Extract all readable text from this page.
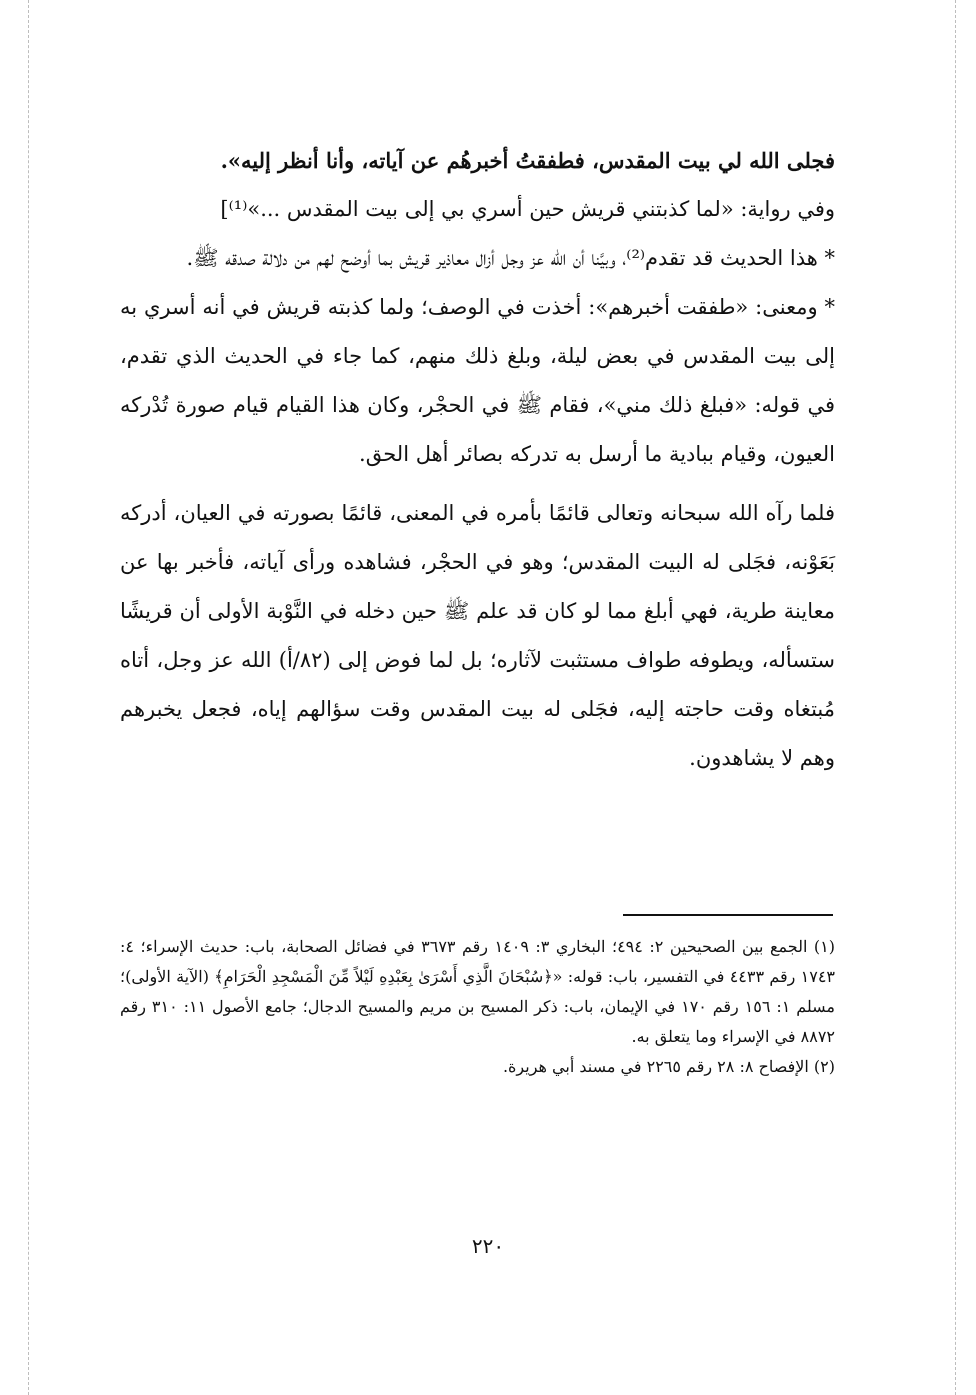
فجلى الله لي بيت المقدس، فطفقتُ أخبرهُم عن آياته، وأنا أنظر إليه».

وفي رواية: «لما كذبتني قريش حين أسري بي إلى بيت المقدس ...»⁽¹⁾]

* هذا الحديث قد تقدم⁽²⁾، وبيَّنا أن الله عز وجل أزال معاذير قريش بما أوضح لهم من دلالة صدقه ﷺ.

* ومعنى: «طفقت أخبرهم»: أخذت في الوصف؛ ولما كذبته قريش في أنه أسري به إلى بيت المقدس في بعض ليلة، وبلغ ذلك منهم، كما جاء في الحديث الذي تقدم، في قوله: «فبلغ ذلك مني»، فقام ﷺ في الحجْر، وكان هذا القيام قيام صورة تُدْركه العيون، وقيام ببادية ما أرسل به تدركه بصائر أهل الحق.

فلما رآه الله سبحانه وتعالى قائمًا بأمره في المعنى، قائمًا بصورته في العيان، أدركه بَعَوْنه، فجَلى له البيت المقدس؛ وهو في الحجْر، فشاهده ورأى آياته، فأخبر بها عن معاينة طرية، فهي أبلغ مما لو كان قد علم ﷺ حين دخله في النَّوْبة الأولى أن قريشًا ستسأله، ويطوفه طواف مستثبت لآثاره؛ بل لما فوض إلى (٨٢/أ) الله عز وجل، أتاه مُبتغاه وقت حاجته إليه، فجَلى له بيت المقدس وقت سؤالهم إياه، فجعل يخبرهم وهم لا يشاهدون.

(١) الجمع بين الصحيحين ٢: ٤٩٤؛ البخاري ٣: ١٤٠٩ رقم ٣٦٧٣ في فضائل الصحابة، باب: حديث الإسراء؛ ٤: ١٧٤٣ رقم ٤٤٣٣ في التفسير، باب: قوله: «﴿سُبْحَانَ الَّذِي أَسْرَىٰ بِعَبْدِهِ لَيْلاً مِّنَ الْمَسْجِدِ الْحَرَامِ﴾ (الآية الأولى)؛ مسلم ١: ١٥٦ رقم ١٧٠ في الإيمان، باب: ذكر المسيح بن مريم والمسيح الدجال؛ جامع الأصول ١١: ٣١٠ رقم ٨٨٧٢ في الإسراء وما يتعلق به.

(٢) الإفصاح ٨: ٢٨ رقم ٢٢٦٥ في مسند أبي هريرة.

٢٢٠
